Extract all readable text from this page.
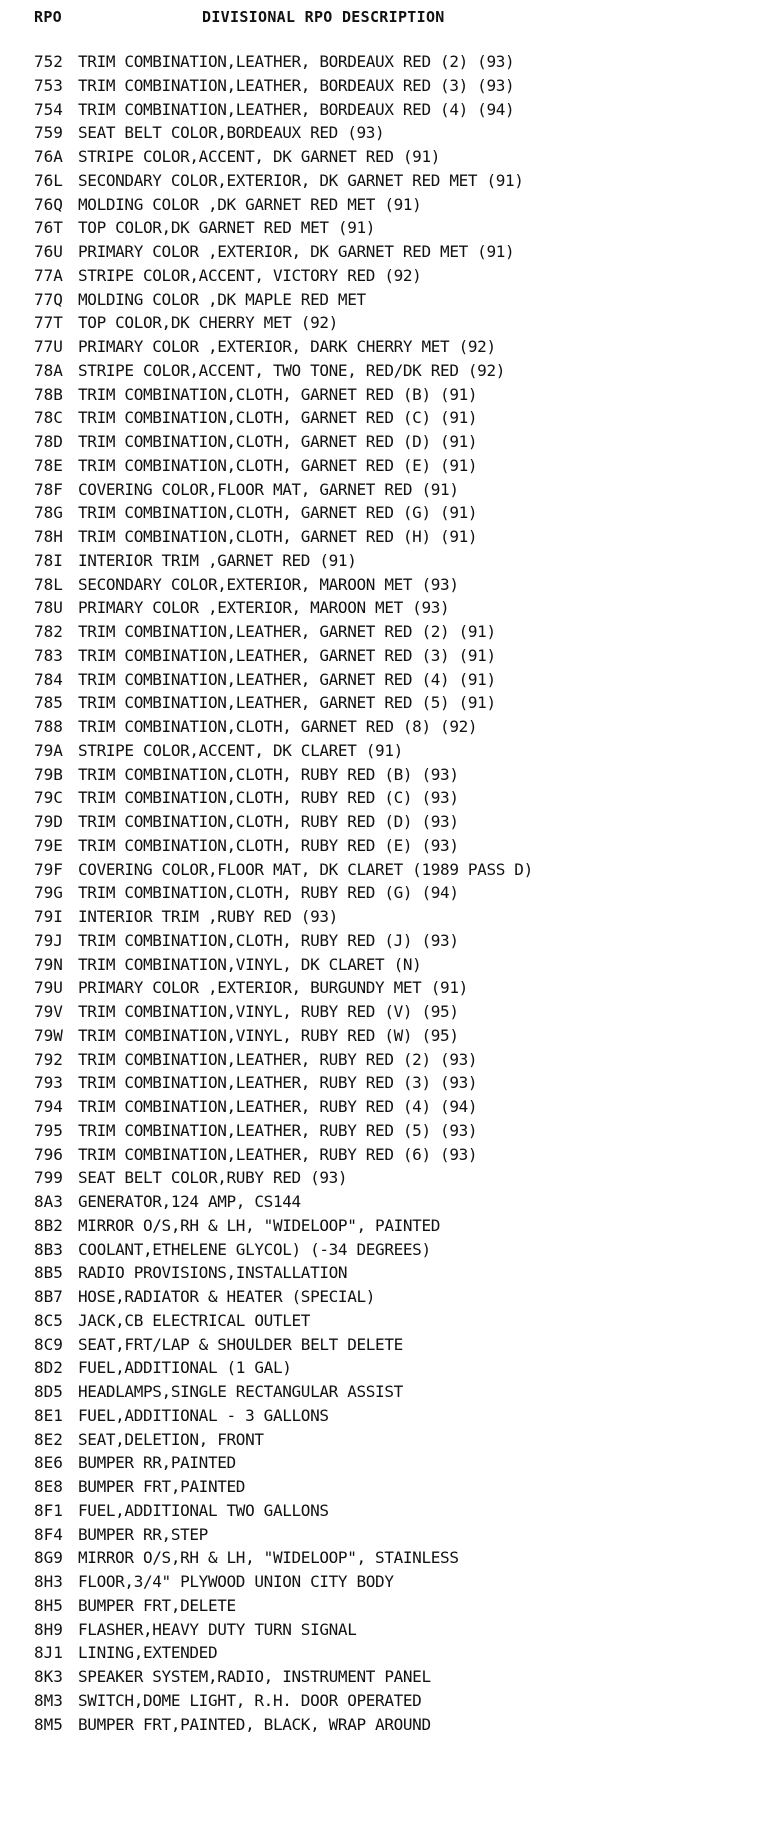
RPO	DIVISIONAL RPO DESCRIPTION
752 TRIM COMBINATION,LEATHER, BORDEAUX RED (2) (93)
753 TRIM COMBINATION,LEATHER, BORDEAUX RED (3) (93)
754 TRIM COMBINATION,LEATHER, BORDEAUX RED (4) (94)
759 SEAT BELT COLOR,BORDEAUX RED (93)
76A STRIPE COLOR,ACCENT, DK GARNET RED (91)
76L SECONDARY COLOR,EXTERIOR, DK GARNET RED MET (91)
76Q MOLDING COLOR ,DK GARNET RED MET (91)
76T TOP COLOR,DK GARNET RED MET (91)
76U PRIMARY COLOR ,EXTERIOR, DK GARNET RED MET (91)
77A STRIPE COLOR,ACCENT, VICTORY RED (92)
77Q MOLDING COLOR ,DK MAPLE RED MET
77T TOP COLOR,DK CHERRY MET (92)
77U PRIMARY COLOR ,EXTERIOR, DARK CHERRY MET (92)
78A STRIPE COLOR,ACCENT, TWO TONE, RED/DK RED (92)
78B TRIM COMBINATION,CLOTH, GARNET RED (B) (91)
78C TRIM COMBINATION,CLOTH, GARNET RED (C) (91)
78D TRIM COMBINATION,CLOTH, GARNET RED (D) (91)
78E TRIM COMBINATION,CLOTH, GARNET RED (E) (91)
78F COVERING COLOR,FLOOR MAT, GARNET RED (91)
78G TRIM COMBINATION,CLOTH, GARNET RED (G) (91)
78H TRIM COMBINATION,CLOTH, GARNET RED (H) (91)
78I INTERIOR TRIM ,GARNET RED (91)
78L SECONDARY COLOR,EXTERIOR, MAROON MET (93)
78U PRIMARY COLOR ,EXTERIOR, MAROON MET (93)
782 TRIM COMBINATION,LEATHER, GARNET RED (2) (91)
783 TRIM COMBINATION,LEATHER, GARNET RED (3) (91)
784 TRIM COMBINATION,LEATHER, GARNET RED (4) (91)
785 TRIM COMBINATION,LEATHER, GARNET RED (5) (91)
788 TRIM COMBINATION,CLOTH, GARNET RED (8) (92)
79A STRIPE COLOR,ACCENT, DK CLARET (91)
79B TRIM COMBINATION,CLOTH, RUBY RED (B) (93)
79C TRIM COMBINATION,CLOTH, RUBY RED (C) (93)
79D TRIM COMBINATION,CLOTH, RUBY RED (D) (93)
79E TRIM COMBINATION,CLOTH, RUBY RED (E) (93)
79F COVERING COLOR,FLOOR MAT, DK CLARET (1989 PASS D)
79G TRIM COMBINATION,CLOTH, RUBY RED (G) (94)
79I INTERIOR TRIM ,RUBY RED (93)
79J TRIM COMBINATION,CLOTH, RUBY RED (J) (93)
79N TRIM COMBINATION,VINYL, DK CLARET (N)
79U PRIMARY COLOR ,EXTERIOR, BURGUNDY MET (91)
79V TRIM COMBINATION,VINYL, RUBY RED (V) (95)
79W TRIM COMBINATION,VINYL, RUBY RED (W) (95)
792 TRIM COMBINATION,LEATHER, RUBY RED (2) (93)
793 TRIM COMBINATION,LEATHER, RUBY RED (3) (93)
794 TRIM COMBINATION,LEATHER, RUBY RED (4) (94)
795 TRIM COMBINATION,LEATHER, RUBY RED (5) (93)
796 TRIM COMBINATION,LEATHER, RUBY RED (6) (93)
799 SEAT BELT COLOR,RUBY RED (93)
8A3 GENERATOR,124 AMP, CS144
8B2 MIRROR O/S,RH & LH, "WIDELOOP", PAINTED
8B3 COOLANT,ETHELENE GLYCOL) (-34 DEGREES)
8B5 RADIO PROVISIONS,INSTALLATION
8B7 HOSE,RADIATOR & HEATER (SPECIAL)
8C5 JACK,CB ELECTRICAL OUTLET
8C9 SEAT,FRT/LAP & SHOULDER BELT DELETE
8D2 FUEL,ADDITIONAL (1 GAL)
8D5 HEADLAMPS,SINGLE RECTANGULAR ASSIST
8E1 FUEL,ADDITIONAL - 3 GALLONS
8E2 SEAT,DELETION, FRONT
8E6 BUMPER RR,PAINTED
8E8 BUMPER FRT,PAINTED
8F1 FUEL,ADDITIONAL TWO GALLONS
8F4 BUMPER RR,STEP
8G9 MIRROR O/S,RH & LH, "WIDELOOP", STAINLESS
8H3 FLOOR,3/4" PLYWOOD UNION CITY BODY
8H5 BUMPER FRT,DELETE
8H9 FLASHER,HEAVY DUTY TURN SIGNAL
8J1 LINING,EXTENDED
8K3 SPEAKER SYSTEM,RADIO, INSTRUMENT PANEL
8M3 SWITCH,DOME LIGHT, R.H. DOOR OPERATED
8M5 BUMPER FRT,PAINTED, BLACK, WRAP AROUND
